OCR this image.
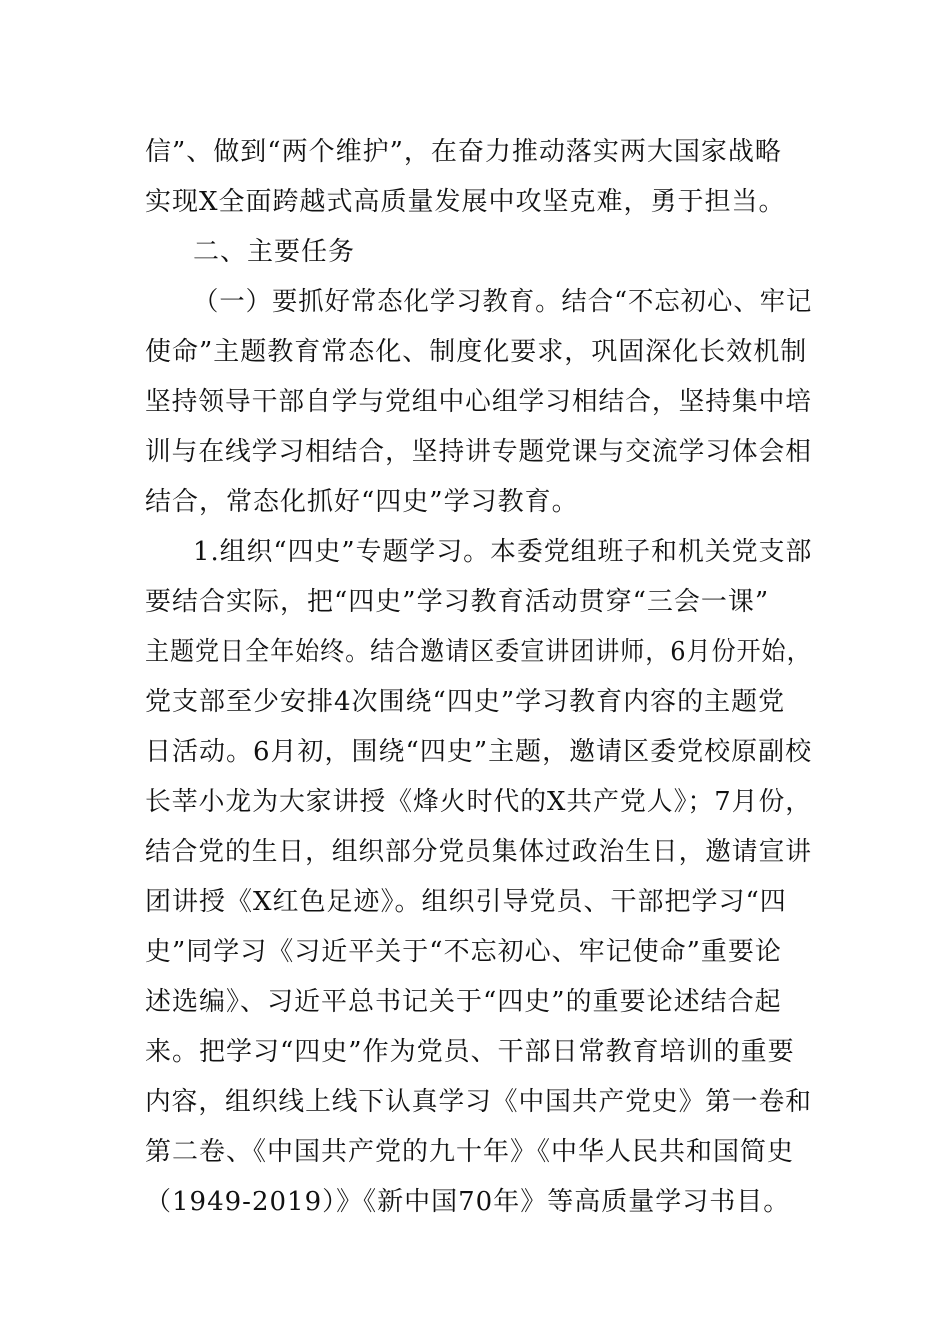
信”、做到“两个维护”，在奋力推动落实两大国家战略
实现X全面跨越式高质量发展中攻坚克难，勇于担当。
二、主要任务
（一）要抓好常态化学习教育。结合“不忘初心、牢记
使命”主题教育常态化、制度化要求，巩固深化长效机制
坚持领导干部自学与党组中心组学习相结合，坚持集中培
训与在线学习相结合，坚持讲专题党课与交流学习体会相
结合，常态化抓好“四史”学习教育。
1.组织“四史”专题学习。本委党组班子和机关党支部
要结合实际，把“四史”学习教育活动贯穿“三会一课”
主题党日全年始终。结合邀请区委宣讲团讲师，6月份开始，
党支部至少安排4次围绕“四史”学习教育内容的主题党
日活动。6月初，围绕“四史”主题，邀请区委党校原副校
长莘小龙为大家讲授《烽火时代的X共产党人》；7月份，
结合党的生日，组织部分党员集体过政治生日，邀请宣讲
团讲授《X红色足迹》。组织引导党员、干部把学习“四
史”同学习《习近平关于“不忘初心、牢记使命”重要论
述选编》、习近平总书记关于“四史”的重要论述结合起
来。把学习“四史”作为党员、干部日常教育培训的重要
内容，组织线上线下认真学习《中国共产党史》第一卷和
第二卷、《中国共产党的九十年》《中华人民共和国简史
（1949-2019）》《新中国70年》等高质量学习书目。
